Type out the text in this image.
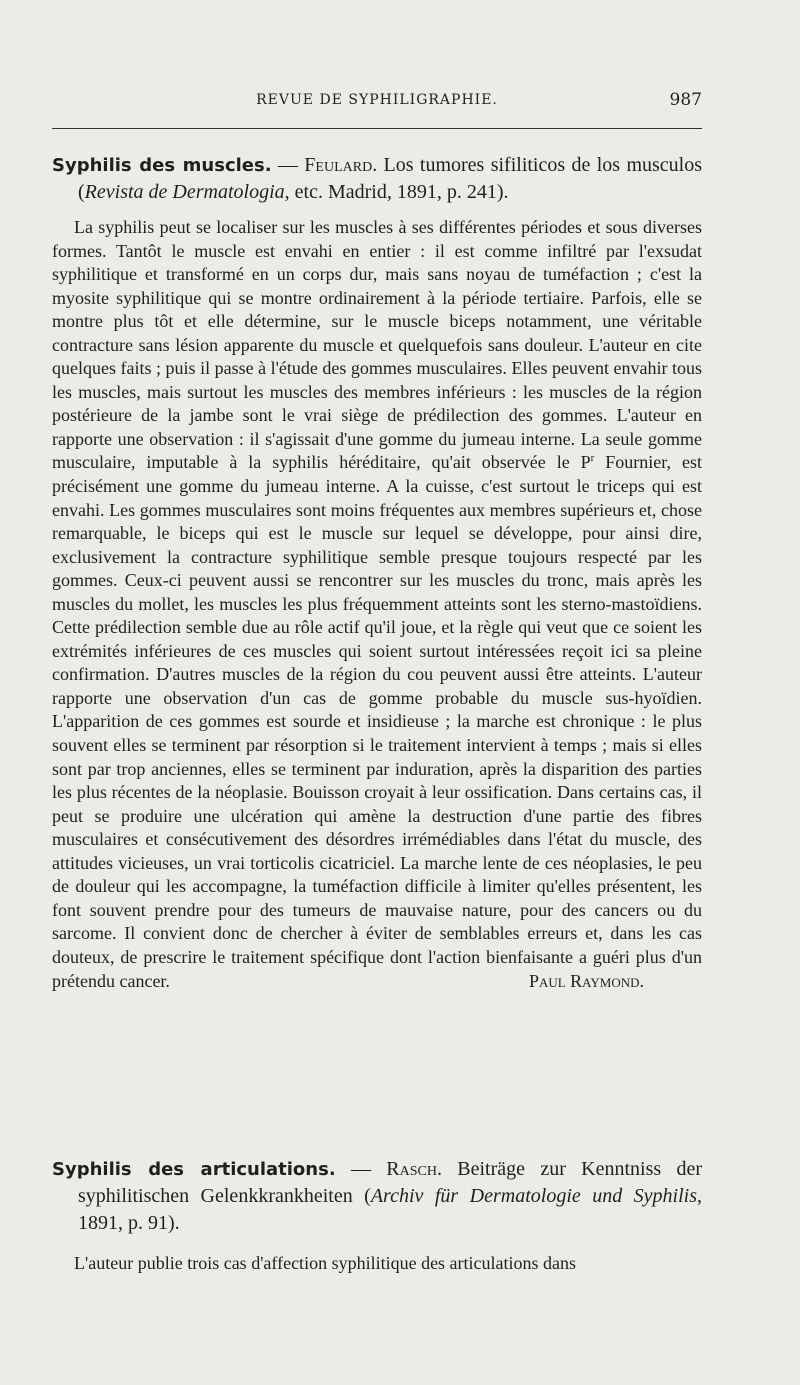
REVUE DE SYPHILIGRAPHIE.	987

Syphilis des muscles. — Feulard. Los tumores sifiliticos de los musculos (Revista de Dermatologia, etc. Madrid, 1891, p. 241).

La syphilis peut se localiser sur les muscles à ses différentes périodes et sous diverses formes. Tantôt le muscle est envahi en entier : il est comme infiltré par l'exsudat syphilitique et transformé en un corps dur, mais sans noyau de tuméfaction ; c'est la myosite syphilitique qui se montre ordinairement à la période tertiaire. Parfois, elle se montre plus tôt et elle détermine, sur le muscle biceps notamment, une véritable contracture sans lésion apparente du muscle et quelquefois sans douleur. L'auteur en cite quelques faits ; puis il passe à l'étude des gommes musculaires. Elles peuvent envahir tous les muscles, mais surtout les muscles des membres inférieurs : les muscles de la région postérieure de la jambe sont le vrai siège de prédilection des gommes. L'auteur en rapporte une observation : il s'agissait d'une gomme du jumeau interne. La seule gomme musculaire, imputable à la syphilis héréditaire, qu'ait observée le $P^r$ Fournier, est précisément une gomme du jumeau interne. A la cuisse, c'est surtout le triceps qui est envahi. Les gommes musculaires sont moins fréquentes aux membres supérieurs et, chose remarquable, le biceps qui est le muscle sur lequel se développe, pour ainsi dire, exclusivement la contracture syphilitique semble presque toujours respecté par les gommes. Ceux-ci peuvent aussi se rencontrer sur les muscles du tronc, mais après les muscles du mollet, les muscles les plus fréquemment atteints sont les sterno-mastoïdiens. Cette prédilection semble due au rôle actif qu'il joue, et la règle qui veut que ce soient les extrémités inférieures de ces muscles qui soient surtout intéressées reçoit ici sa pleine confirmation. D'autres muscles de la région du cou peuvent aussi être atteints. L'auteur rapporte une observation d'un cas de gomme probable du muscle sus-hyoïdien. L'apparition de ces gommes est sourde et insidieuse ; la marche est chronique : le plus souvent elles se terminent par résorption si le traitement intervient à temps ; mais si elles sont par trop anciennes, elles se terminent par induration, après la disparition des parties les plus récentes de la néoplasie. Bouisson croyait à leur ossification. Dans certains cas, il peut se produire une ulcération qui amène la destruction d'une partie des fibres musculaires et consécutivement des désordres irrémédiables dans l'état du muscle, des attitudes vicieuses, un vrai torticolis cicatriciel. La marche lente de ces néoplasies, le peu de douleur qui les accompagne, la tuméfaction difficile à limiter qu'elles présentent, les font souvent prendre pour des tumeurs de mauvaise nature, pour des cancers ou du sarcome. Il convient donc de chercher à éviter de semblables erreurs et, dans les cas douteux, de prescrire le traitement spécifique dont l'action bienfaisante a guéri plus d'un prétendu cancer.	Paul Raymond.

Syphilis des articulations. — Rasch. Beiträge zur Kenntniss der syphilitischen Gelenkkrankheiten (Archiv für Dermatologie und Syphilis, 1891, p. 91).

L'auteur publie trois cas d'affection syphilitique des articulations dans
